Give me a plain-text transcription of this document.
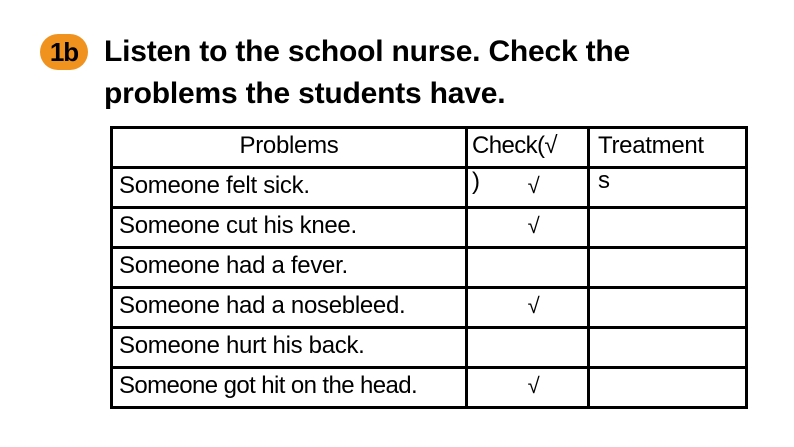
1b Listen to the school nurse. Check the
problems the students have.
Problems	Check(√	Treatment
Someone felt sick.	) √	s

Someone cut his knee.	√	
Someone had a fever.		
Someone had a nosebleed.	√	
Someone hurt his back.		
Someone got hit on the head.	√	
